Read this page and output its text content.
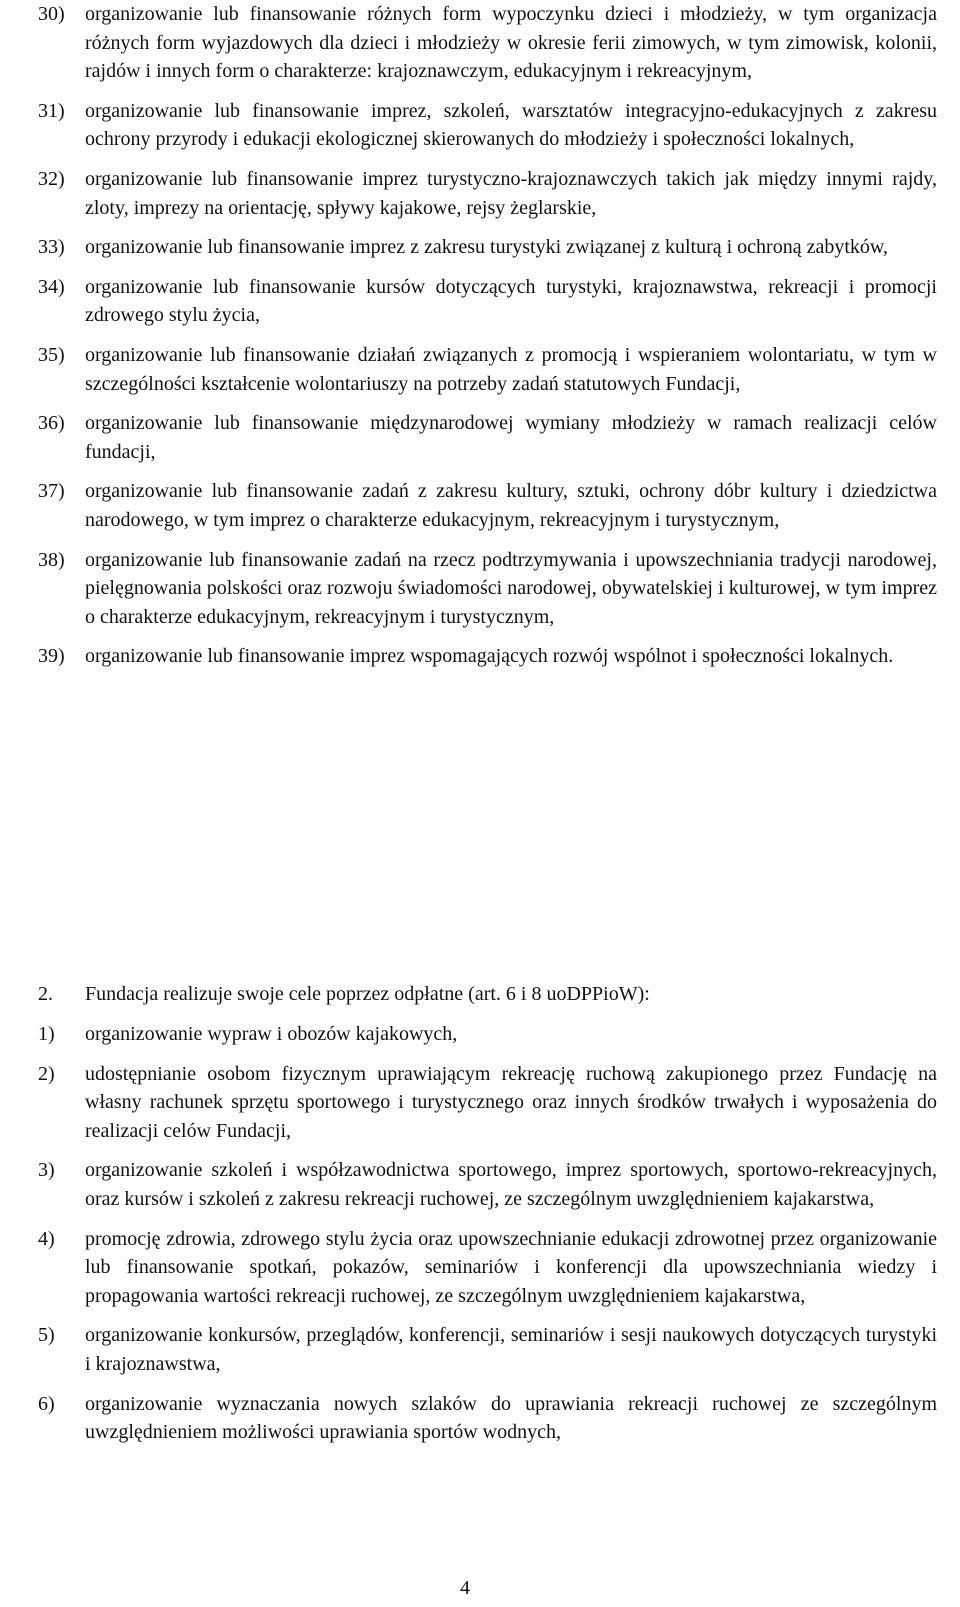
30) organizowanie lub finansowanie różnych form wypoczynku dzieci i młodzieży, w tym organizacja różnych form wyjazdowych dla dzieci i młodzieży w okresie ferii zimowych, w tym zimowisk, kolonii, rajdów i innych form o charakterze: krajoznawczym, edukacyjnym i rekreacyjnym,
31) organizowanie lub finansowanie imprez, szkoleń, warsztatów integracyjno-edukacyjnych z zakresu ochrony przyrody i edukacji ekologicznej skierowanych do młodzieży i społeczności lokalnych,
32) organizowanie lub finansowanie imprez turystyczno-krajoznawczych takich jak między innymi rajdy, zloty, imprezy na orientację, spływy kajakowe, rejsy żeglarskie,
33) organizowanie lub finansowanie imprez z zakresu turystyki związanej z kulturą i ochroną zabytków,
34) organizowanie lub finansowanie kursów dotyczących turystyki, krajoznawstwa, rekreacji i promocji zdrowego stylu życia,
35) organizowanie lub finansowanie działań związanych z promocją i wspieraniem wolontariatu, w tym w szczególności kształcenie wolontariuszy na potrzeby zadań statutowych Fundacji,
36) organizowanie lub finansowanie międzynarodowej wymiany młodzieży w ramach realizacji celów fundacji,
37) organizowanie lub finansowanie zadań z zakresu kultury, sztuki, ochrony dóbr kultury i dziedzictwa narodowego, w tym imprez o charakterze edukacyjnym, rekreacyjnym i turystycznym,
38) organizowanie lub finansowanie zadań na rzecz podtrzymywania i upowszechniania tradycji narodowej, pielęgnowania polskości oraz rozwoju świadomości narodowej, obywatelskiej i kulturowej, w tym imprez o charakterze edukacyjnym, rekreacyjnym i turystycznym,
39) organizowanie lub finansowanie imprez wspomagających rozwój wspólnot i społeczności lokalnych.
2. Fundacja realizuje swoje cele poprzez odpłatne (art. 6 i 8 uoDPPioW):
1) organizowanie wypraw i obozów kajakowych,
2) udostępnianie osobom fizycznym uprawiającym rekreację ruchową zakupionego przez Fundację na własny rachunek sprzętu sportowego i turystycznego oraz innych środków trwałych i wyposażenia do realizacji celów Fundacji,
3) organizowanie szkoleń i współzawodnictwa sportowego, imprez sportowych, sportowo-rekreacyjnych, oraz kursów i szkoleń z zakresu rekreacji ruchowej, ze szczególnym uwzględnieniem kajakarstwa,
4) promocję zdrowia, zdrowego stylu życia oraz upowszechnianie edukacji zdrowotnej przez organizowanie lub finansowanie spotkań, pokazów, seminariów i konferencji dla upowszechniania wiedzy i propagowania wartości rekreacji ruchowej, ze szczególnym uwzględnieniem kajakarstwa,
5) organizowanie konkursów, przeglądów, konferencji, seminariów i sesji naukowych dotyczących turystyki i krajoznawstwa,
6) organizowanie wyznaczania nowych szlaków do uprawiania rekreacji ruchowej ze szczególnym uwzględnieniem możliwości uprawiania sportów wodnych,
4
